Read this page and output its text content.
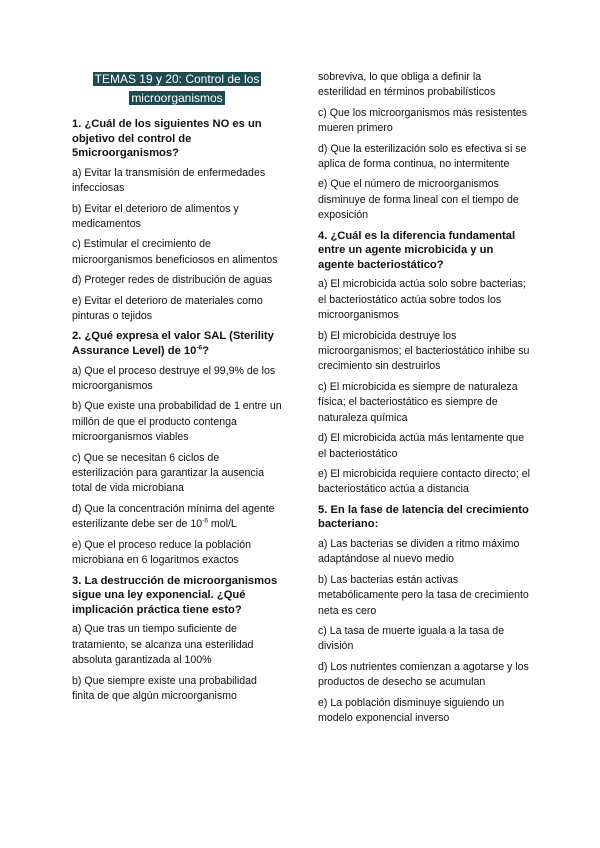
TEMAS 19 y 20: Control de los microorganismos

1. ¿Cuál de los siguientes NO es un objetivo del control de 5microorganismos?

a) Evitar la transmisión de enfermedades infecciosas

b) Evitar el deterioro de alimentos y medicamentos

c) Estimular el crecimiento de microorganismos beneficiosos en alimentos

d) Proteger redes de distribución de aguas

e) Evitar el deterioro de materiales como pinturas o tejidos

2. ¿Qué expresa el valor SAL (Sterility Assurance Level) de $10^{-6}$?

a) Que el proceso destruye el 99,9% de los microorganismos

b) Que existe una probabilidad de 1 entre un millón de que el producto contenga microorganismos viables

c) Que se necesitan 6 ciclos de esterilización para garantizar la ausencia total de vida microbiana

d) Que la concentración mínima del agente esterilizante debe ser de $10^{-6}$ mol/L

e) Que el proceso reduce la población microbiana en 6 logaritmos exactos

3. La destrucción de microorganismos sigue una ley exponencial. ¿Qué implicación práctica tiene esto?

a) Que tras un tiempo suficiente de tratamiento, se alcanza una esterilidad absoluta garantizada al 100%

b) Que siempre existe una probabilidad finita de que algún microorganismo

sobreviva, lo que obliga a definir la esterilidad en términos probabilísticos

c) Que los microorganismos más resistentes mueren primero

d) Que la esterilización solo es efectiva si se aplica de forma continua, no intermitente

e) Que el número de microorganismos disminuye de forma lineal con el tiempo de exposición

4. ¿Cuál es la diferencia fundamental entre un agente microbicida y un agente bacteriostático?

a) El microbicida actúa solo sobre bacterias; el bacteriostático actúa sobre todos los microorganismos

b) El microbicida destruye los microorganismos; el bacteriostático inhibe su crecimiento sin destruirlos

c) El microbicida es siempre de naturaleza física; el bacteriostático es siempre de naturaleza química

d) El microbicida actúa más lentamente que el bacteriostático

e) El microbicida requiere contacto directo; el bacteriostático actúa a distancia

5. En la fase de latencia del crecimiento bacteriano:

a) Las bacterias se dividen a ritmo máximo adaptándose al nuevo medio

b) Las bacterias están activas metabólicamente pero la tasa de crecimiento neta es cero

c) La tasa de muerte iguala a la tasa de división

d) Los nutrientes comienzan a agotarse y los productos de desecho se acumulan

e) La población disminuye siguiendo un modelo exponencial inverso
